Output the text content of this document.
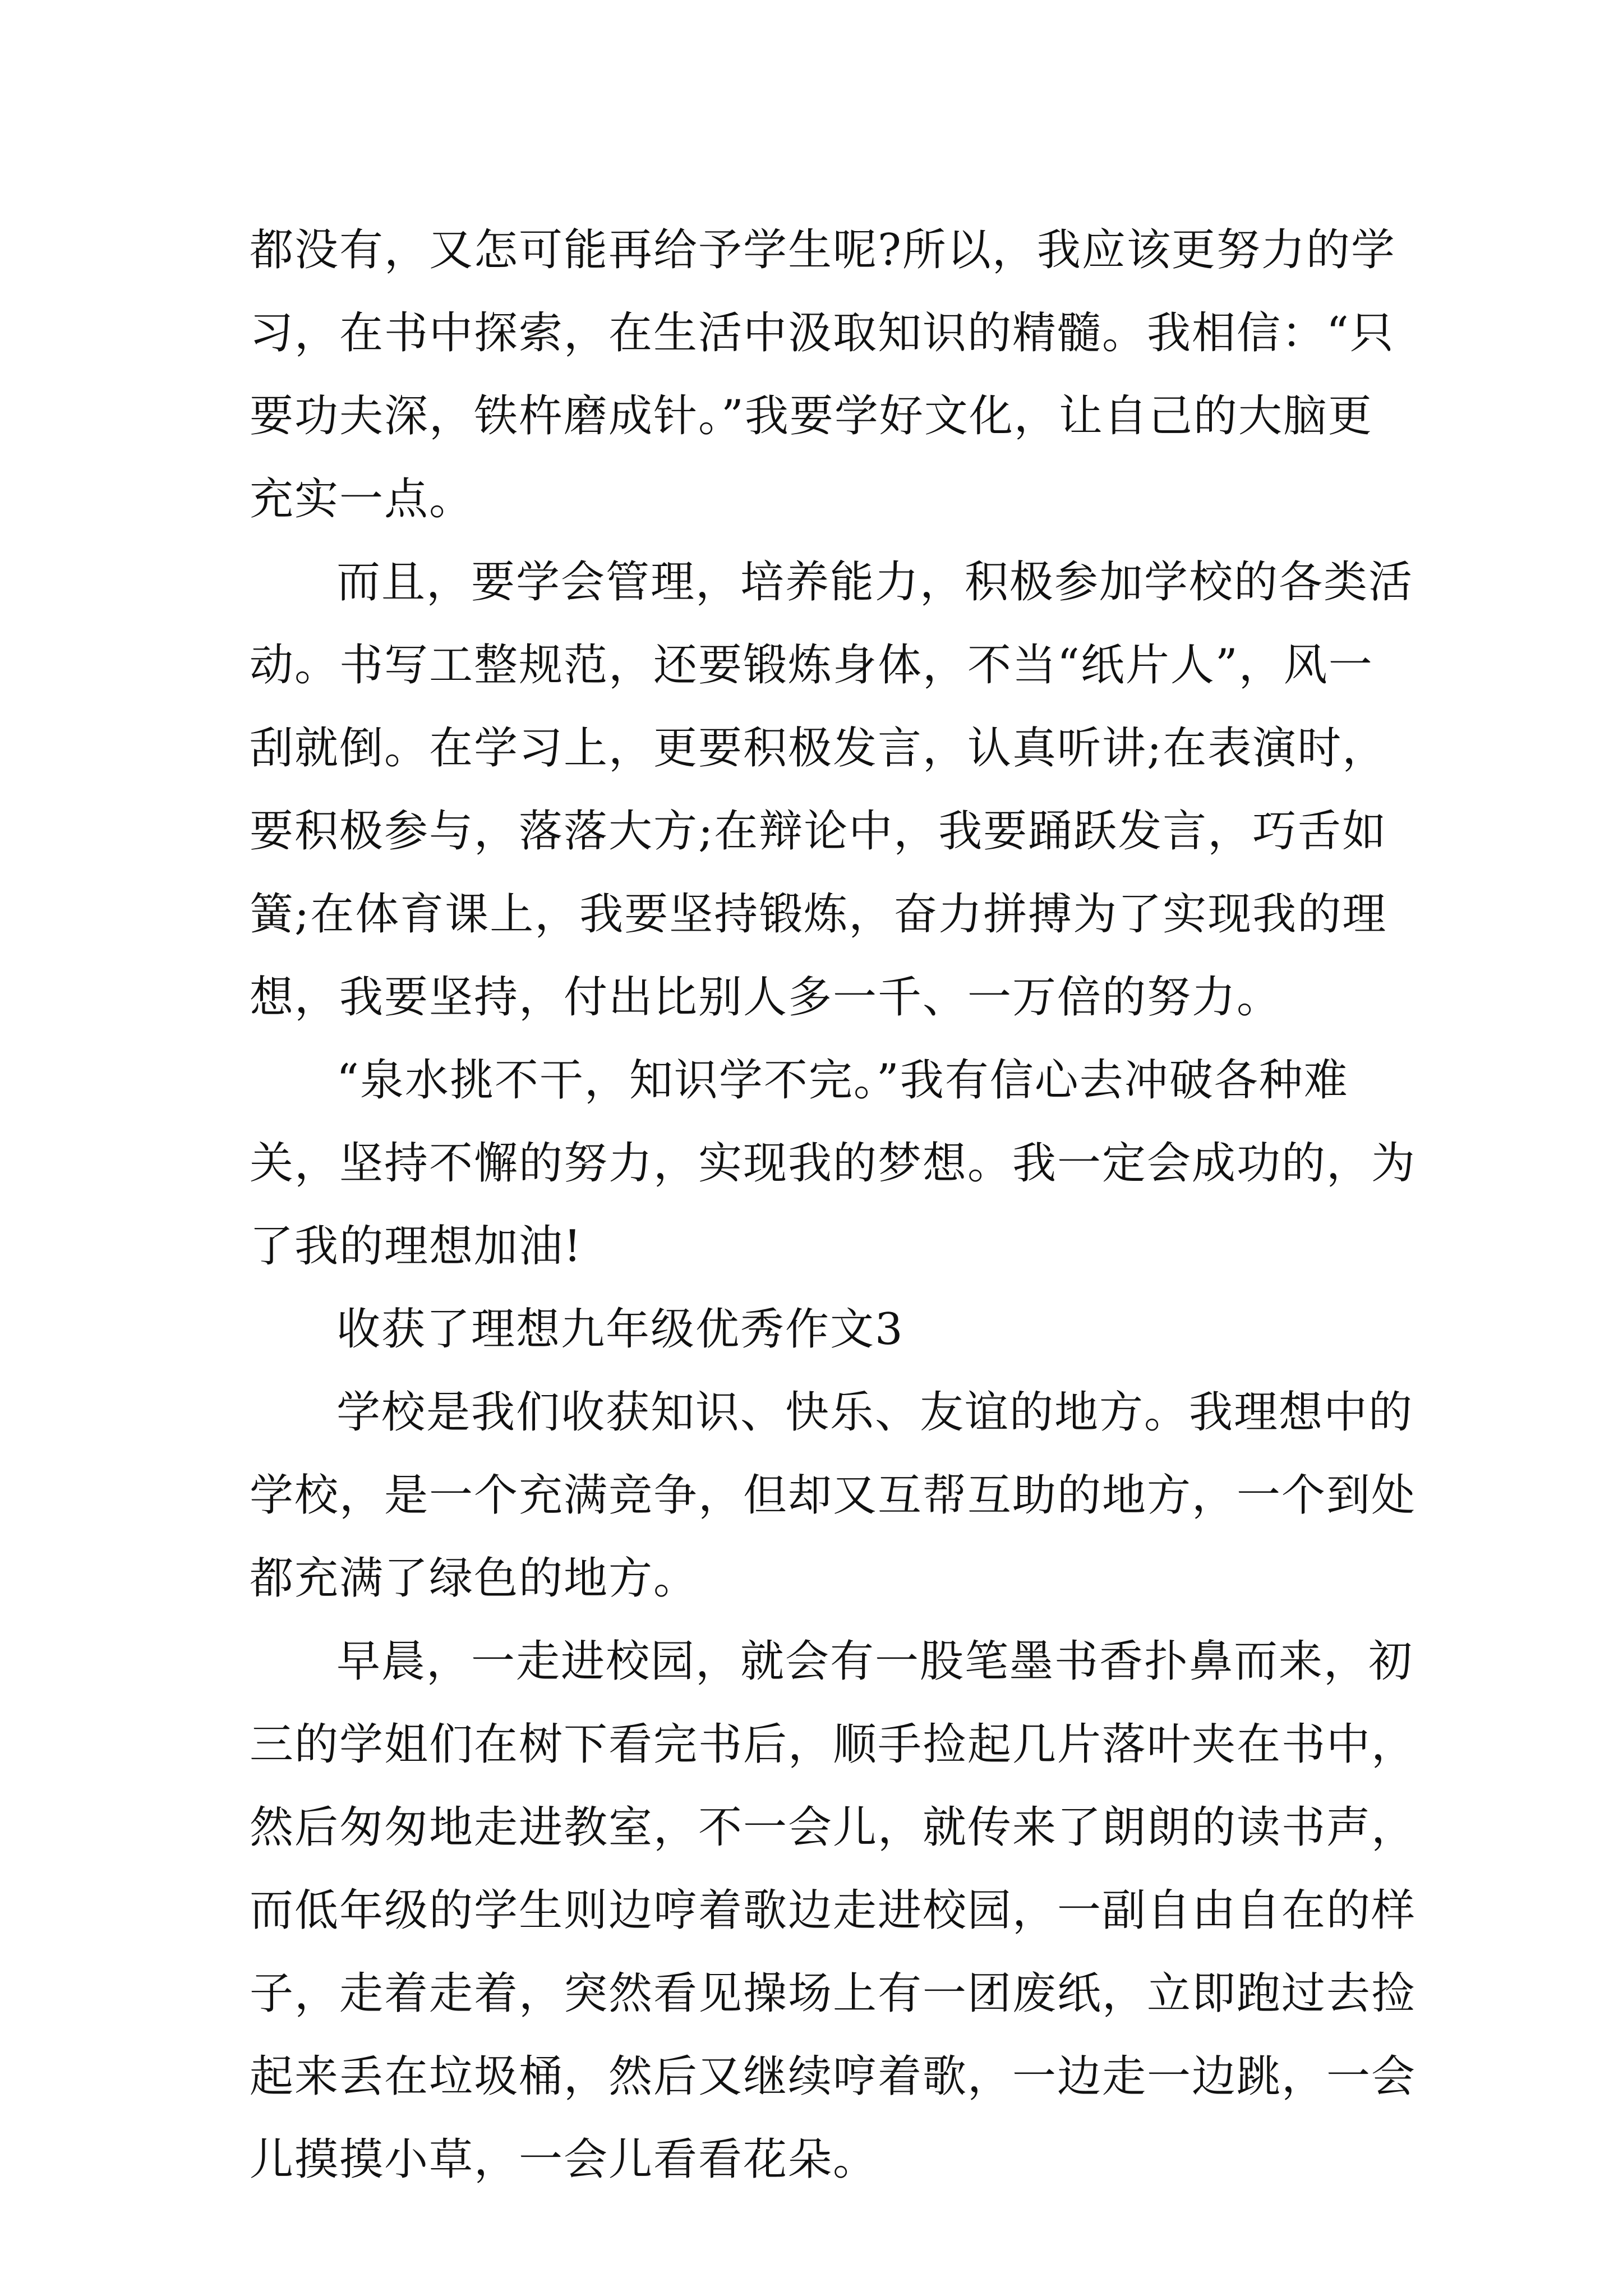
都没有，又怎可能再给予学生呢?所以，我应该更努力的学
习，在书中探索，在生活中汲取知识的精髓。我相信：“只
要功夫深，铁杵磨成针。”我要学好文化，让自己的大脑更
充实一点。
而且，要学会管理，培养能力，积极参加学校的各类活
动。书写工整规范，还要锻炼身体，不当“纸片人”，风一
刮就倒。在学习上，更要积极发言，认真听讲;在表演时，
要积极参与，落落大方;在辩论中，我要踊跃发言，巧舌如
簧;在体育课上，我要坚持锻炼，奋力拼搏为了实现我的理
想，我要坚持，付出比别人多一千、一万倍的努力。
“泉水挑不干，知识学不完。”我有信心去冲破各种难
关，坚持不懈的努力，实现我的梦想。我一定会成功的，为
了我的理想加油!
收获了理想九年级优秀作文3
学校是我们收获知识、快乐、友谊的地方。我理想中的
学校，是一个充满竞争，但却又互帮互助的地方，一个到处
都充满了绿色的地方。
早晨，一走进校园，就会有一股笔墨书香扑鼻而来，初
三的学姐们在树下看完书后，顺手捡起几片落叶夹在书中，
然后匆匆地走进教室，不一会儿，就传来了朗朗的读书声，
而低年级的学生则边哼着歌边走进校园，一副自由自在的样
子，走着走着，突然看见操场上有一团废纸，立即跑过去捡
起来丢在垃圾桶，然后又继续哼着歌，一边走一边跳，一会
儿摸摸小草，一会儿看看花朵。
